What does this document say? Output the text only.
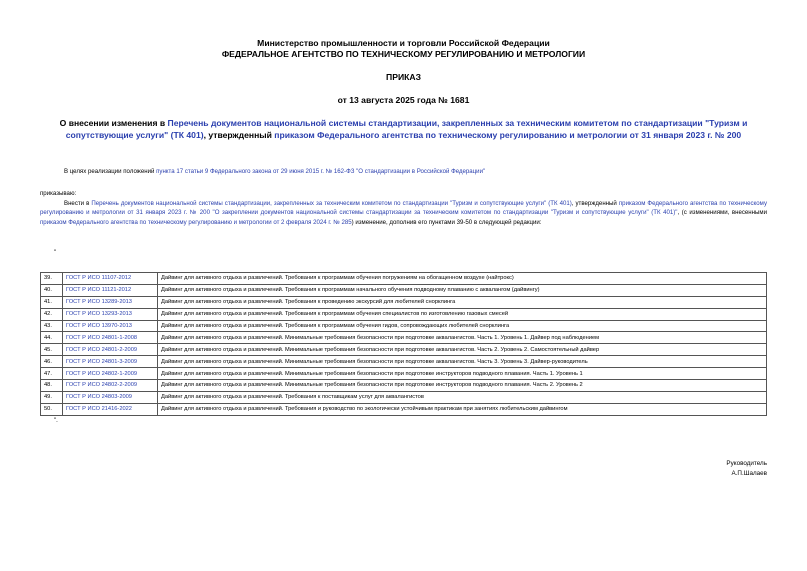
Министерство промышленности и торговли Российской Федерации
ФЕДЕРАЛЬНОЕ АГЕНТСТВО ПО ТЕХНИЧЕСКОМУ РЕГУЛИРОВАНИЮ И МЕТРОЛОГИИ
ПРИКАЗ
от 13 августа 2025 года № 1681
О внесении изменения в Перечень документов национальной системы стандартизации, закрепленных за техническим комитетом по стандартизации "Туризм и сопутствующие услуги" (ТК 401), утвержденный приказом Федерального агентства по техническому регулированию и метрологии от 31 января 2023 г. № 200
В целях реализации положений пункта 17 статьи 9 Федерального закона от 29 июня 2015 г. № 162-ФЗ "О стандартизации в Российской Федерации"
приказываю:
Внести в Перечень документов национальной системы стандартизации, закрепленных за техническим комитетом по стандартизации "Туризм и сопутствующие услуги" (ТК 401), утвержденный приказом Федерального агентства по техническому регулированию и метрологии от 31 января 2023 г. № 200 "О закреплении документов национальной системы стандартизации за техническим комитетом по стандартизации "Туризм и сопутствующие услуги" (ТК 401)", (с изменениями, внесенными приказом Федерального агентства по техническому регулированию и метрологии от 2 февраля 2024 г. № 285) изменение, дополнив его пунктами 39-50 в следующей редакции:
"
39.	ГОСТ Р ИСО 11107-2012	Дайвинг для активного отдыха и развлечений. Требования к программам обучения погружениям на обогащенном воздухе (найтрокс)
40.	ГОСТ Р ИСО 11121-2012	Дайвинг для активного отдыха и развлечений. Требования к программам начального обучения подводному плаванию с аквалангом (дайвингу)
41.	ГОСТ Р ИСО 13289-2013	Дайвинг для активного отдыха и развлечений. Требования к проведению экскурсий для любителей снорклинга
42.	ГОСТ Р ИСО 13293-2013	Дайвинг для активного отдыха и развлечений. Требования к программам обучения специалистов по изготовлению газовых смесей
43.	ГОСТ Р ИСО 13970-2013	Дайвинг для активного отдыха и развлечений. Требования к программам обучения гидов, сопровождающих любителей снорклинга
44.	ГОСТ Р ИСО 24801-1-2008	Дайвинг для активного отдыха и развлечений. Минимальные требования безопасности при подготовке аквалангистов. Часть 1. Уровень 1. Дайвер под наблюдением
45.	ГОСТ Р ИСО 24801-2-2009	Дайвинг для активного отдыха и развлечений. Минимальные требования безопасности при подготовке аквалангистов. Часть 2. Уровень 2. Самостоятельный дайвер
46.	ГОСТ Р ИСО 24801-3-2009	Дайвинг для активного отдыха и развлечений. Минимальные требования безопасности при подготовке аквалангистов. Часть 3. Уровень 3. Дайвер-руководитель
47.	ГОСТ Р ИСО 24802-1-2009	Дайвинг для активного отдыха и развлечений. Минимальные требования безопасности при подготовке инструкторов подводного плавания. Часть 1. Уровень 1
48.	ГОСТ Р ИСО 24802-2-2009	Дайвинг для активного отдыха и развлечений. Минимальные требования безопасности при подготовке инструкторов подводного плавания. Часть 2. Уровень 2
49.	ГОСТ Р ИСО 24803-2009	Дайвинг для активного отдыха и развлечений. Требования к поставщикам услуг для аквалангистов
50.	ГОСТ Р ИСО 21416-2022	Дайвинг для активного отдыха и развлечений. Требования и руководство по экологически устойчивым практикам при занятиях любительским дайвингом
".
Руководитель
А.П.Шалаев
